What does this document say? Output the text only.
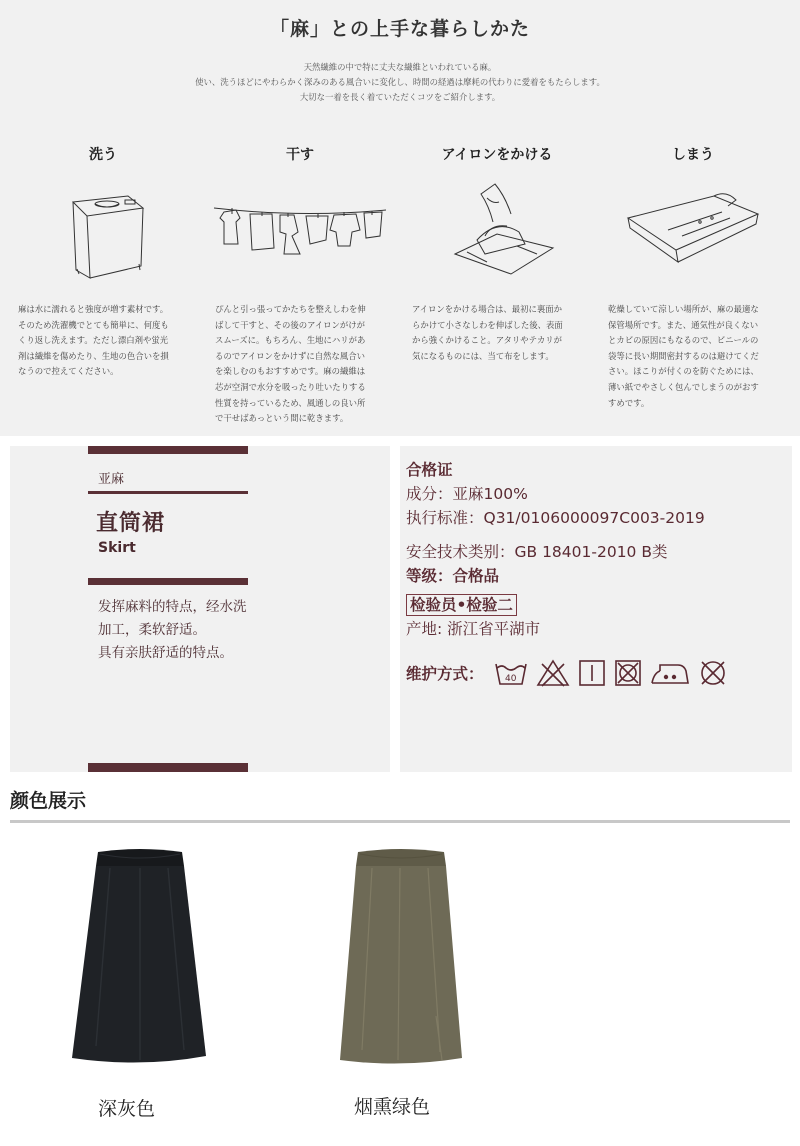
「麻」との上手な暮らしかた
天然繊維の中で特に丈夫な繊維といわれている麻。
使い、洗うほどにやわらかく深みのある風合いに変化し、時間の経過は摩耗の代わりに愛着をもたらします。
大切な一着を長く着ていただくコツをご紹介します。
洗う
麻は水に濡れると強度が増す素材です。
そのため洗濯機でとても簡単に、何度も
くり返し洗えます。ただし漂白剤や蛍光
剤は繊維を傷めたり、生地の色合いを損
なうので控えてください。
干す
ぴんと引っ張ってかたちを整えしわを伸
ばして干すと、その後のアイロンがけが
スムーズに。もちろん、生地にハリがあ
るのでアイロンをかけずに自然な風合い
を楽しむのもおすすめです。麻の繊維は
芯が空洞で水分を吸ったり吐いたりする
性質を持っているため、風通しの良い所
で干せばあっという間に乾きます。
アイロンをかける
アイロンをかける場合は、最初に裏面か
らかけて小さなしわを伸ばした後、表面
から強くかけること。アタリやテカリが
気になるものには、当て布をします。
しまう
乾燥していて涼しい場所が、麻の最適な
保管場所です。また、通気性が良くない
とカビの原因にもなるので、ビニールの
袋等に長い期間密封するのは避けてくだ
さい。ほこりが付くのを防ぐためには、
薄い紙でやさしく包んでしまうのがおす
すめです。
亚麻
直筒裙
Skirt
发挥麻料的特点，经水洗
加工，柔软舒适。
具有亲肤舒适的特点。
合格证
成分：亚麻100%
执行标准：Q31/0106000097C003-2019
安全技术类别：GB 18401-2010 B类
等级：合格品
检验员•检验二
产地: 浙江省平湖市
维护方式： 40
颜色展示
深灰色	烟熏绿色
